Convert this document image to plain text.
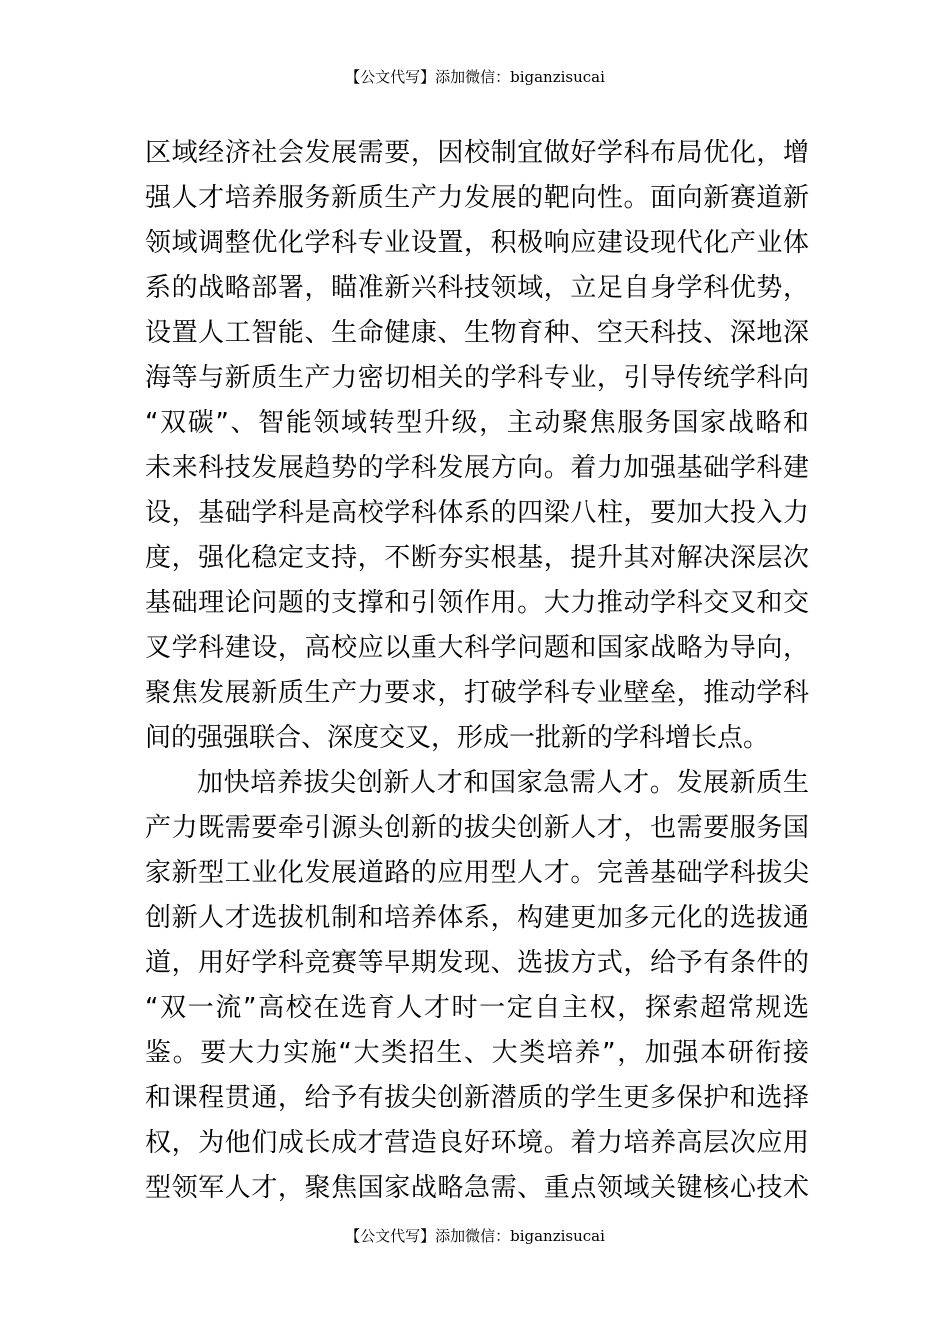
【公文代写】添加微信：biganzisucai
区域经济社会发展需要，因校制宜做好学科布局优化，增
强人才培养服务新质生产力发展的靶向性。面向新赛道新
领域调整优化学科专业设置，积极响应建设现代化产业体
系的战略部署，瞄准新兴科技领域，立足自身学科优势，
设置人工智能、生命健康、生物育种、空天科技、深地深
海等与新质生产力密切相关的学科专业，引导传统学科向
“双碳”、智能领域转型升级，主动聚焦服务国家战略和
未来科技发展趋势的学科发展方向。着力加强基础学科建
设，基础学科是高校学科体系的四梁八柱，要加大投入力
度，强化稳定支持，不断夯实根基，提升其对解决深层次
基础理论问题的支撑和引领作用。大力推动学科交叉和交
叉学科建设，高校应以重大科学问题和国家战略为导向，
聚焦发展新质生产力要求，打破学科专业壁垒，推动学科
间的强强联合、深度交叉，形成一批新的学科增长点。
加快培养拔尖创新人才和国家急需人才。发展新质生
产力既需要牵引源头创新的拔尖创新人才，也需要服务国
家新型工业化发展道路的应用型人才。完善基础学科拔尖
创新人才选拔机制和培养体系，构建更加多元化的选拔通
道，用好学科竞赛等早期发现、选拔方式，给予有条件的
“双一流”高校在选育人才时一定自主权，探索超常规选
鉴。要大力实施“大类招生、大类培养”，加强本研衔接
和课程贯通，给予有拔尖创新潜质的学生更多保护和选择
权，为他们成长成才营造良好环境。着力培养高层次应用
型领军人才，聚焦国家战略急需、重点领域关键核心技术
【公文代写】添加微信：biganzisucai
